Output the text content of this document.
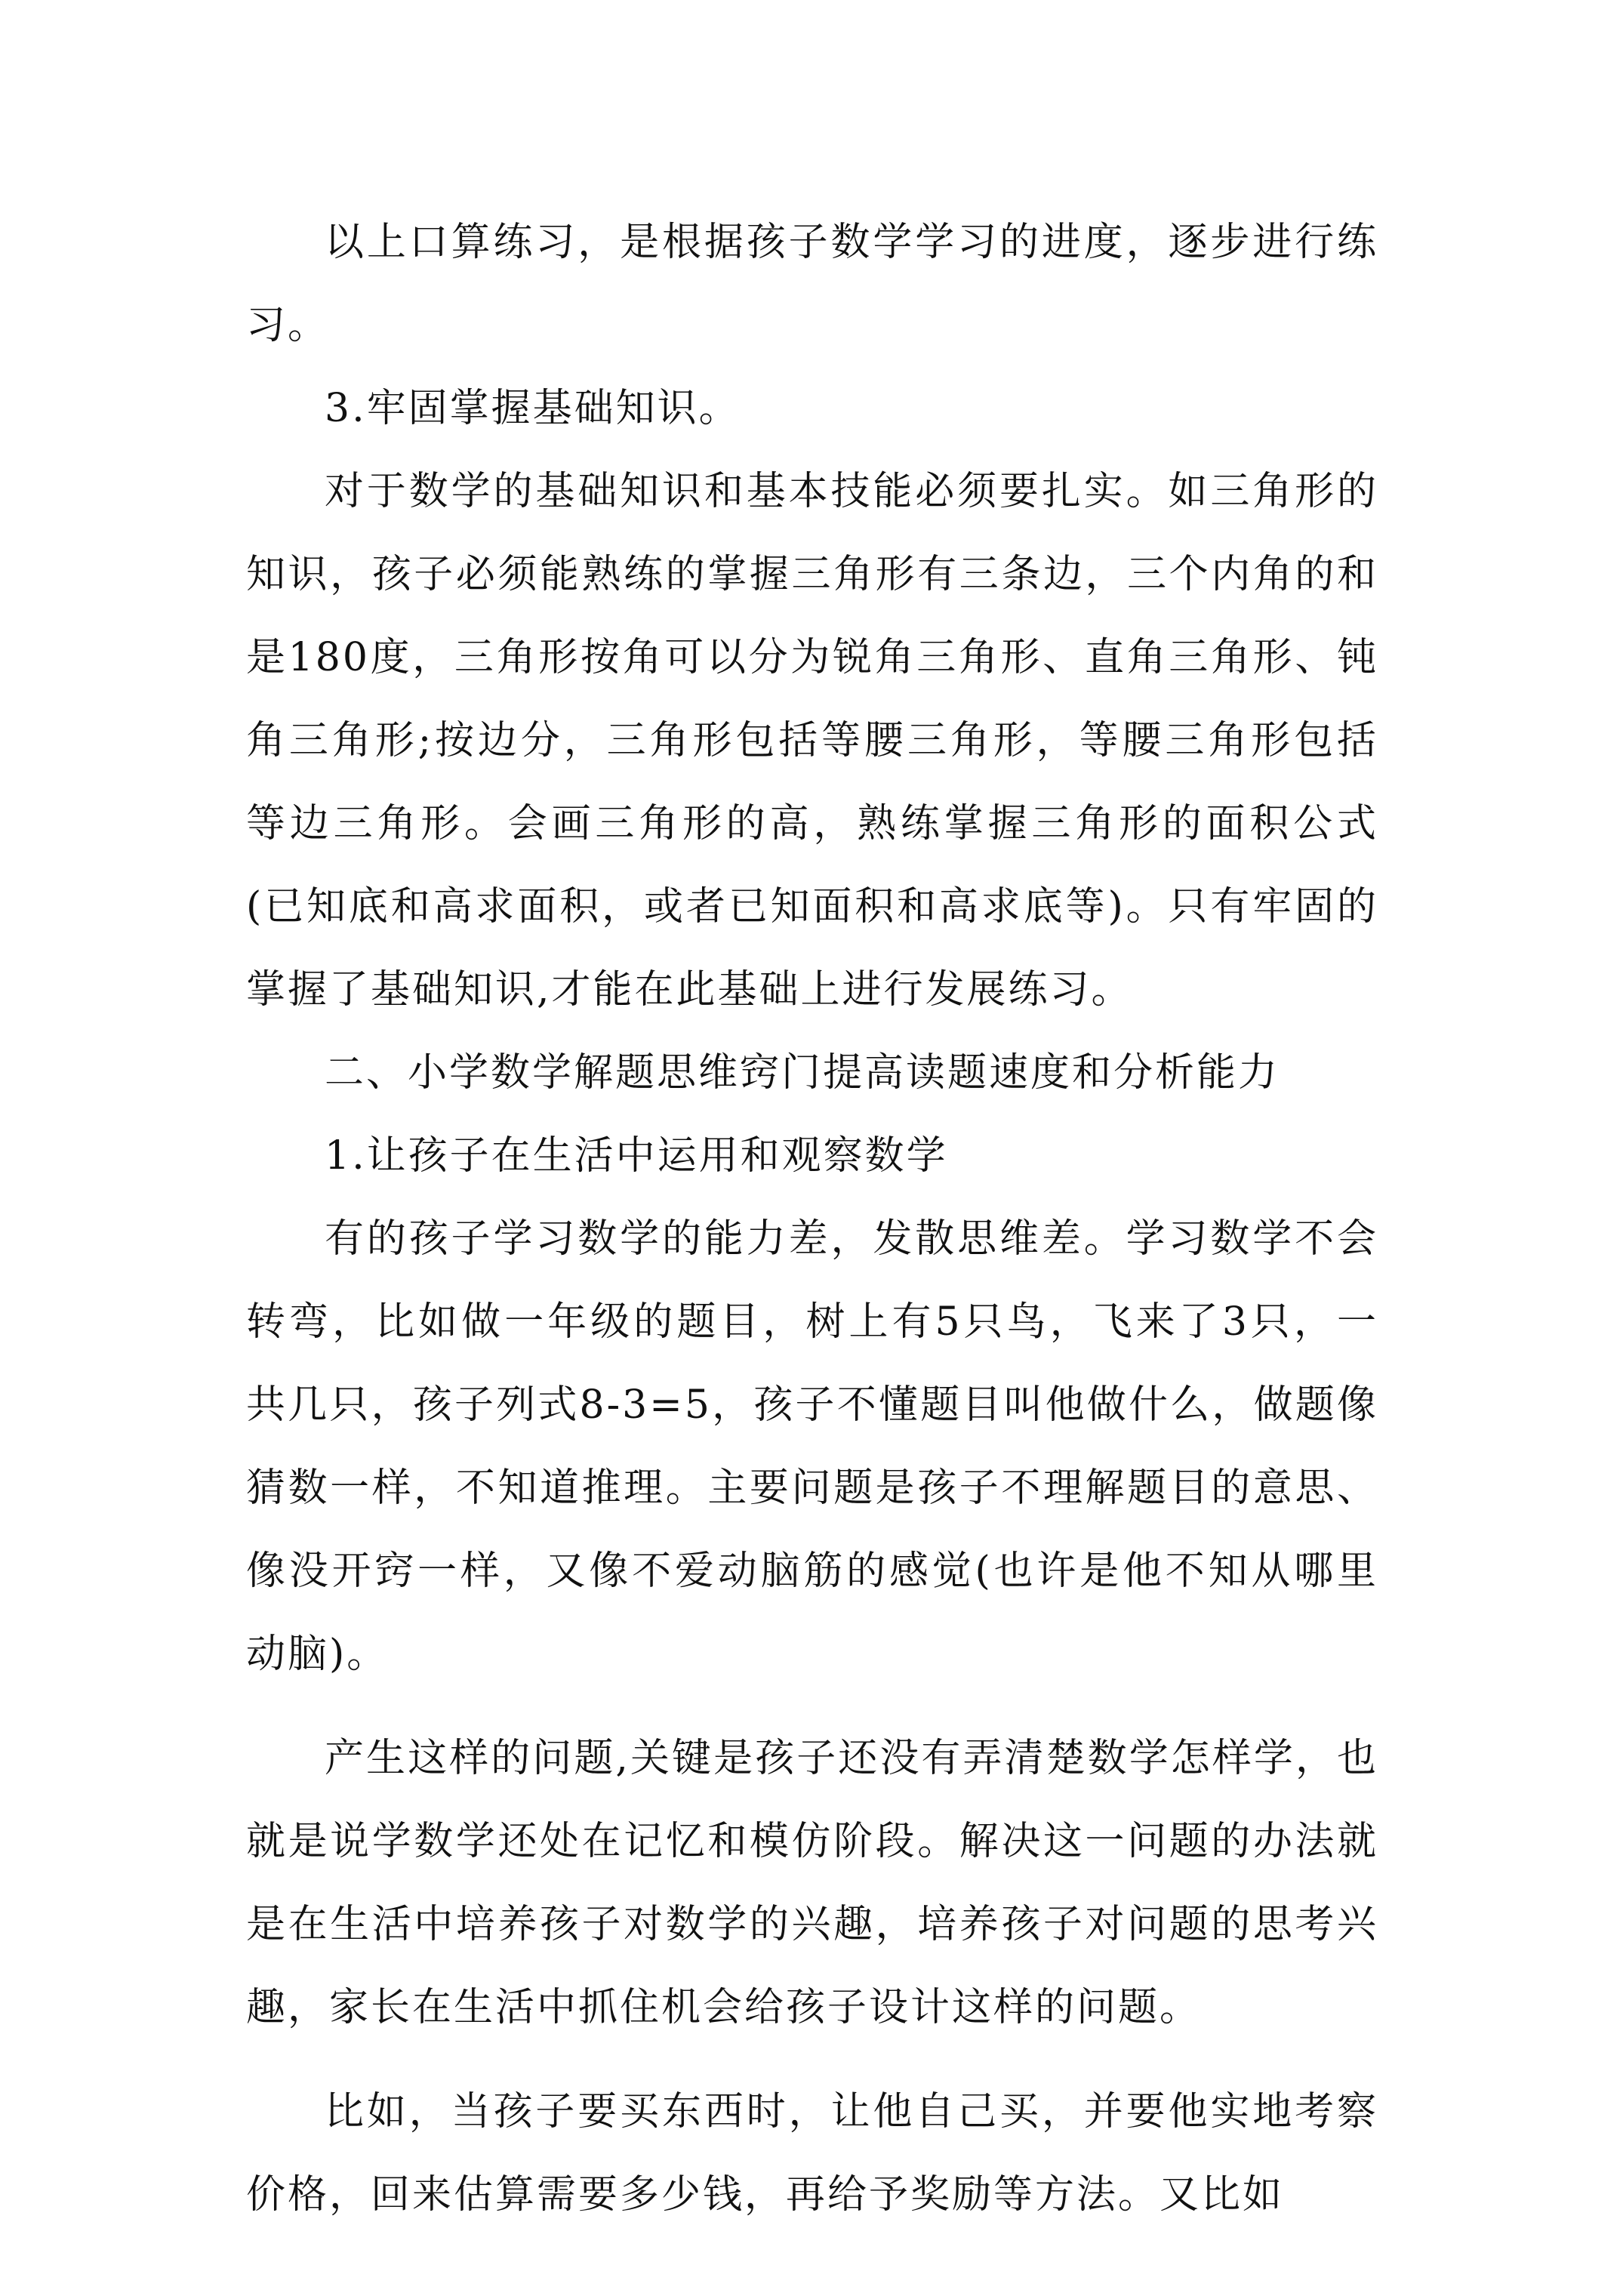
以上口算练习，是根据孩子数学学习的进度，逐步进行练习。

3.牢固掌握基础知识。

对于数学的基础知识和基本技能必须要扎实。如三角形的知识，孩子必须能熟练的掌握三角形有三条边，三个内角的和是180度，三角形按角可以分为锐角三角形、直角三角形、钝角三角形;按边分，三角形包括等腰三角形，等腰三角形包括等边三角形。会画三角形的高，熟练掌握三角形的面积公式(已知底和高求面积，或者已知面积和高求底等)。只有牢固的掌握了基础知识,才能在此基础上进行发展练习。

二、小学数学解题思维窍门提高读题速度和分析能力

1.让孩子在生活中运用和观察数学

有的孩子学习数学的能力差，发散思维差。学习数学不会转弯，比如做一年级的题目，树上有5只鸟，飞来了3只，一共几只，孩子列式8-3=5，孩子不懂题目叫他做什么，做题像猜数一样，不知道推理。主要问题是孩子不理解题目的意思、像没开窍一样，又像不爱动脑筋的感觉(也许是他不知从哪里动脑)。

产生这样的问题,关键是孩子还没有弄清楚数学怎样学，也就是说学数学还处在记忆和模仿阶段。解决这一问题的办法就是在生活中培养孩子对数学的兴趣，培养孩子对问题的思考兴趣，家长在生活中抓住机会给孩子设计这样的问题。

比如，当孩子要买东西时，让他自己买，并要他实地考察价格，回来估算需要多少钱，再给予奖励等方法。又比如
